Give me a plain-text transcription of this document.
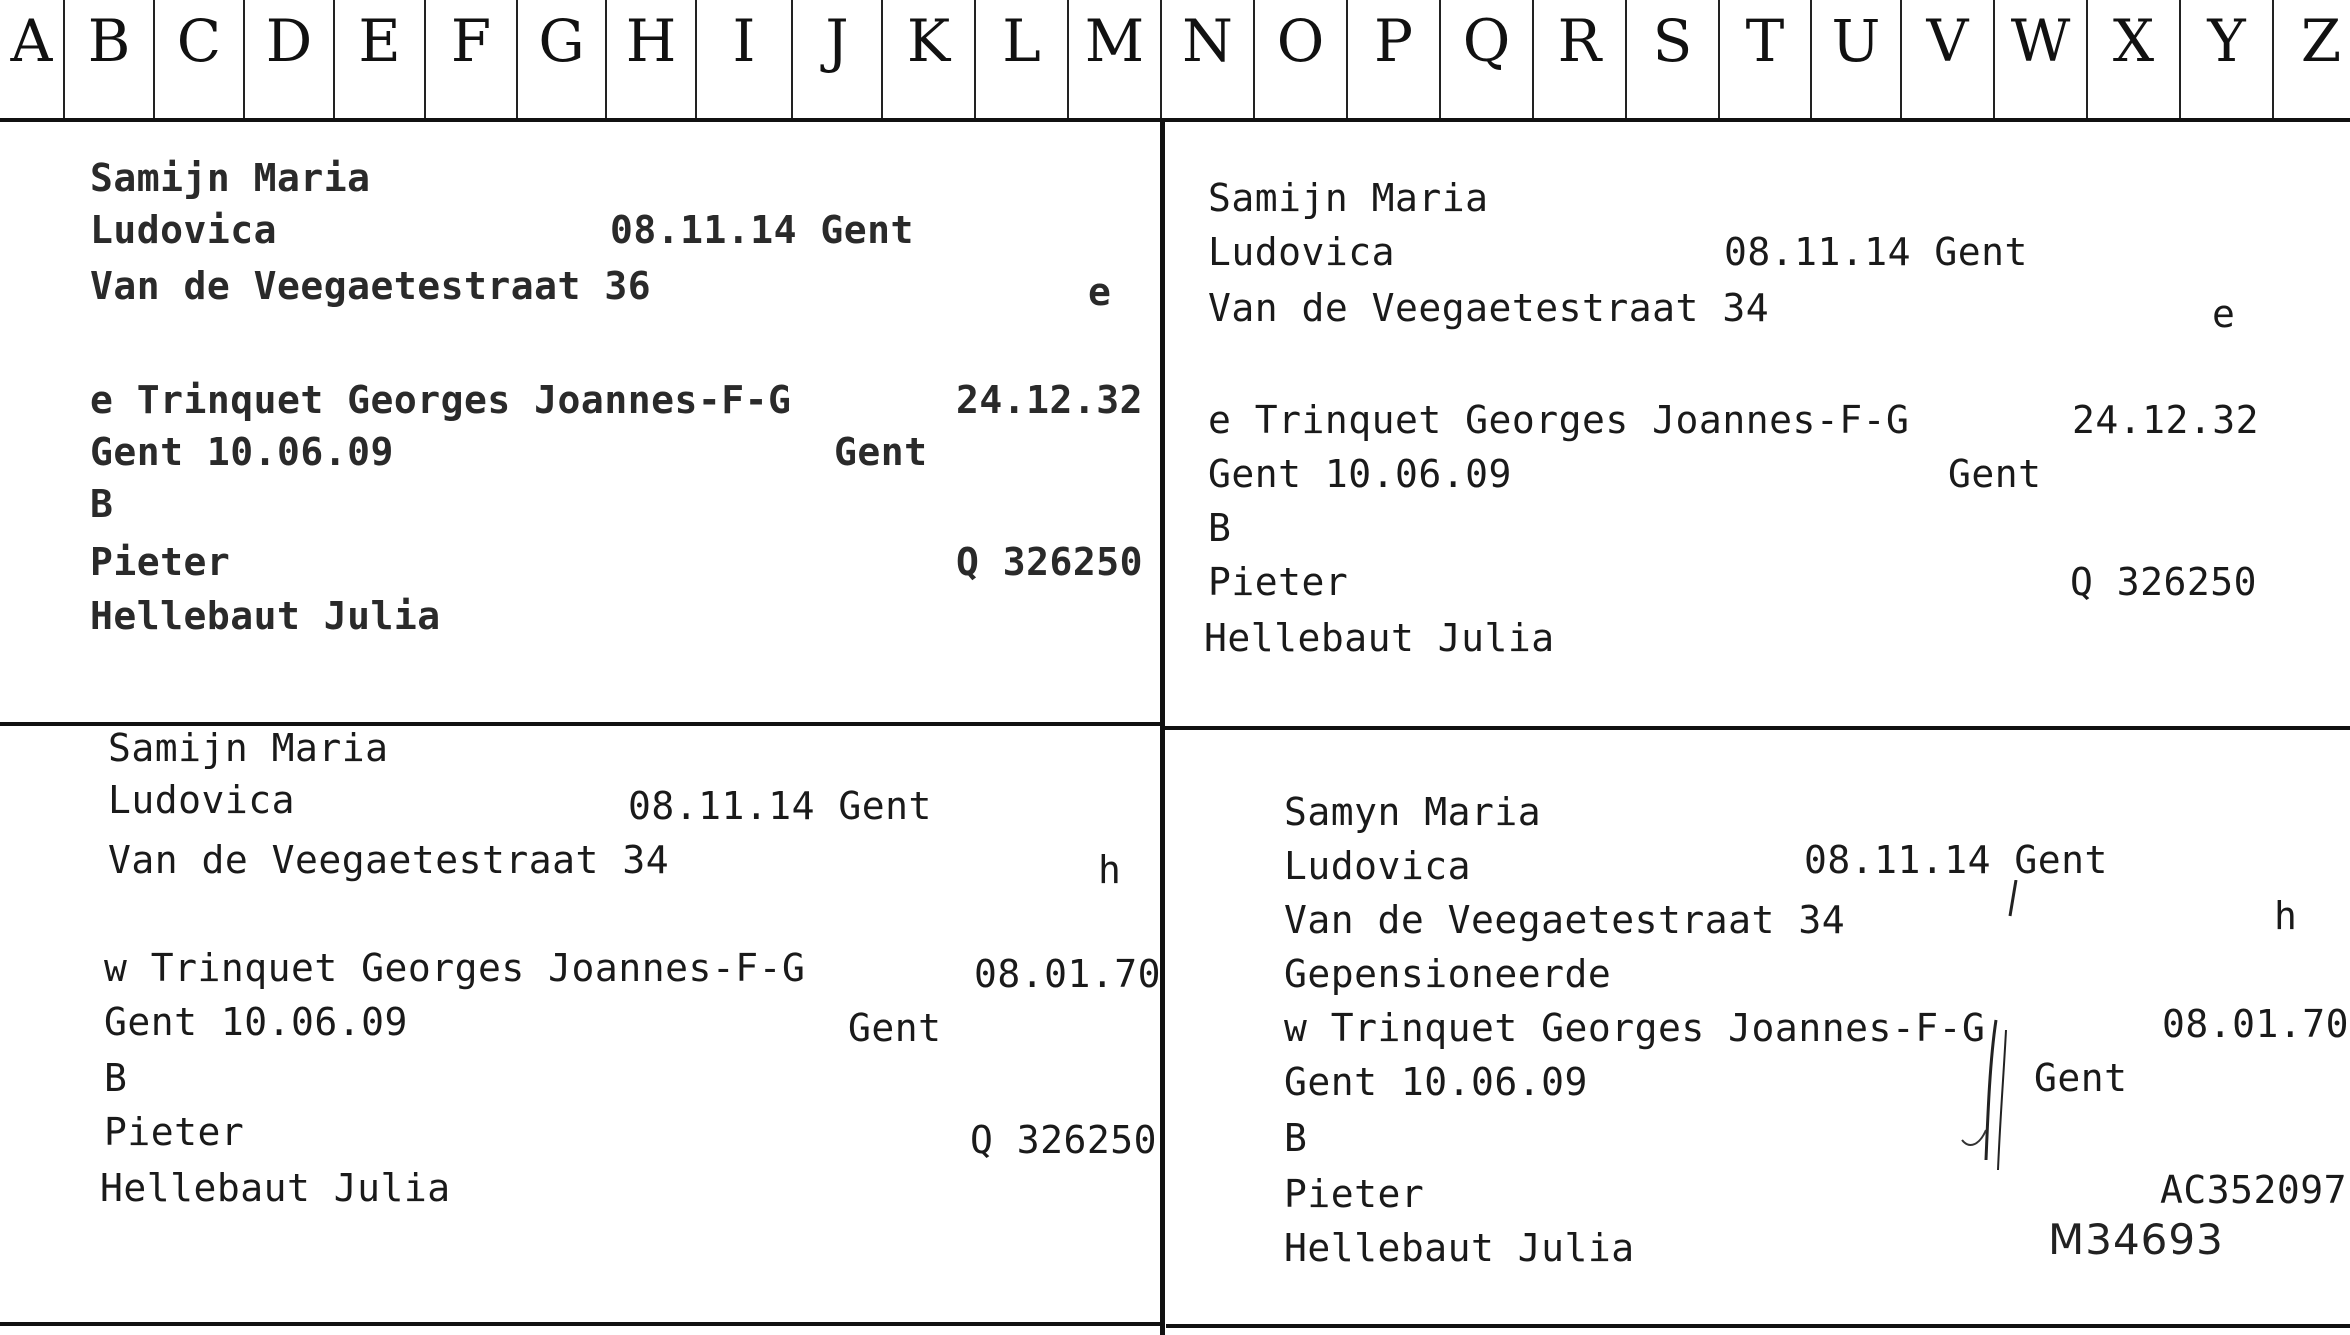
A B C D E F G H I	J	K L M N O P Q R S T U V W X Y Z
Samijn Maria
Ludovica	08.11.14 Gent
Van de Veegaetestraat 36	e
e Trinquet Georges Joannes-F-G	24.12.32
Gent 10.06.09	Gent
B
Pieter	Q 326250
Hellebaut Julia
Samijn Maria
Ludovica	08.11.14 Gent
Van de Veegaetestraat 34	e
e Trinquet Georges Joannes-F-G	24.12.32
Gent 10.06.09	Gent
B
Pieter	Q 326250
Hellebaut Julia
Samijn Maria
Ludovica	08.11.14 Gent
Van de Veegaetestraat 34	h
w Trinquet Georges Joannes-F-G	08.01.70
Gent 10.06.09	Gent
B
Pieter	Q 326250
Hellebaut Julia
Samyn Maria
Ludovica	08.11.14 Gent
Van de Veegaetestraat 34	h
Gepensioneerde
w Trinquet Georges Joannes-F-G	08.01.70
Gent 10.06.09	Gent
B
Pieter	AC352097
Hellebaut Julia	M34693
